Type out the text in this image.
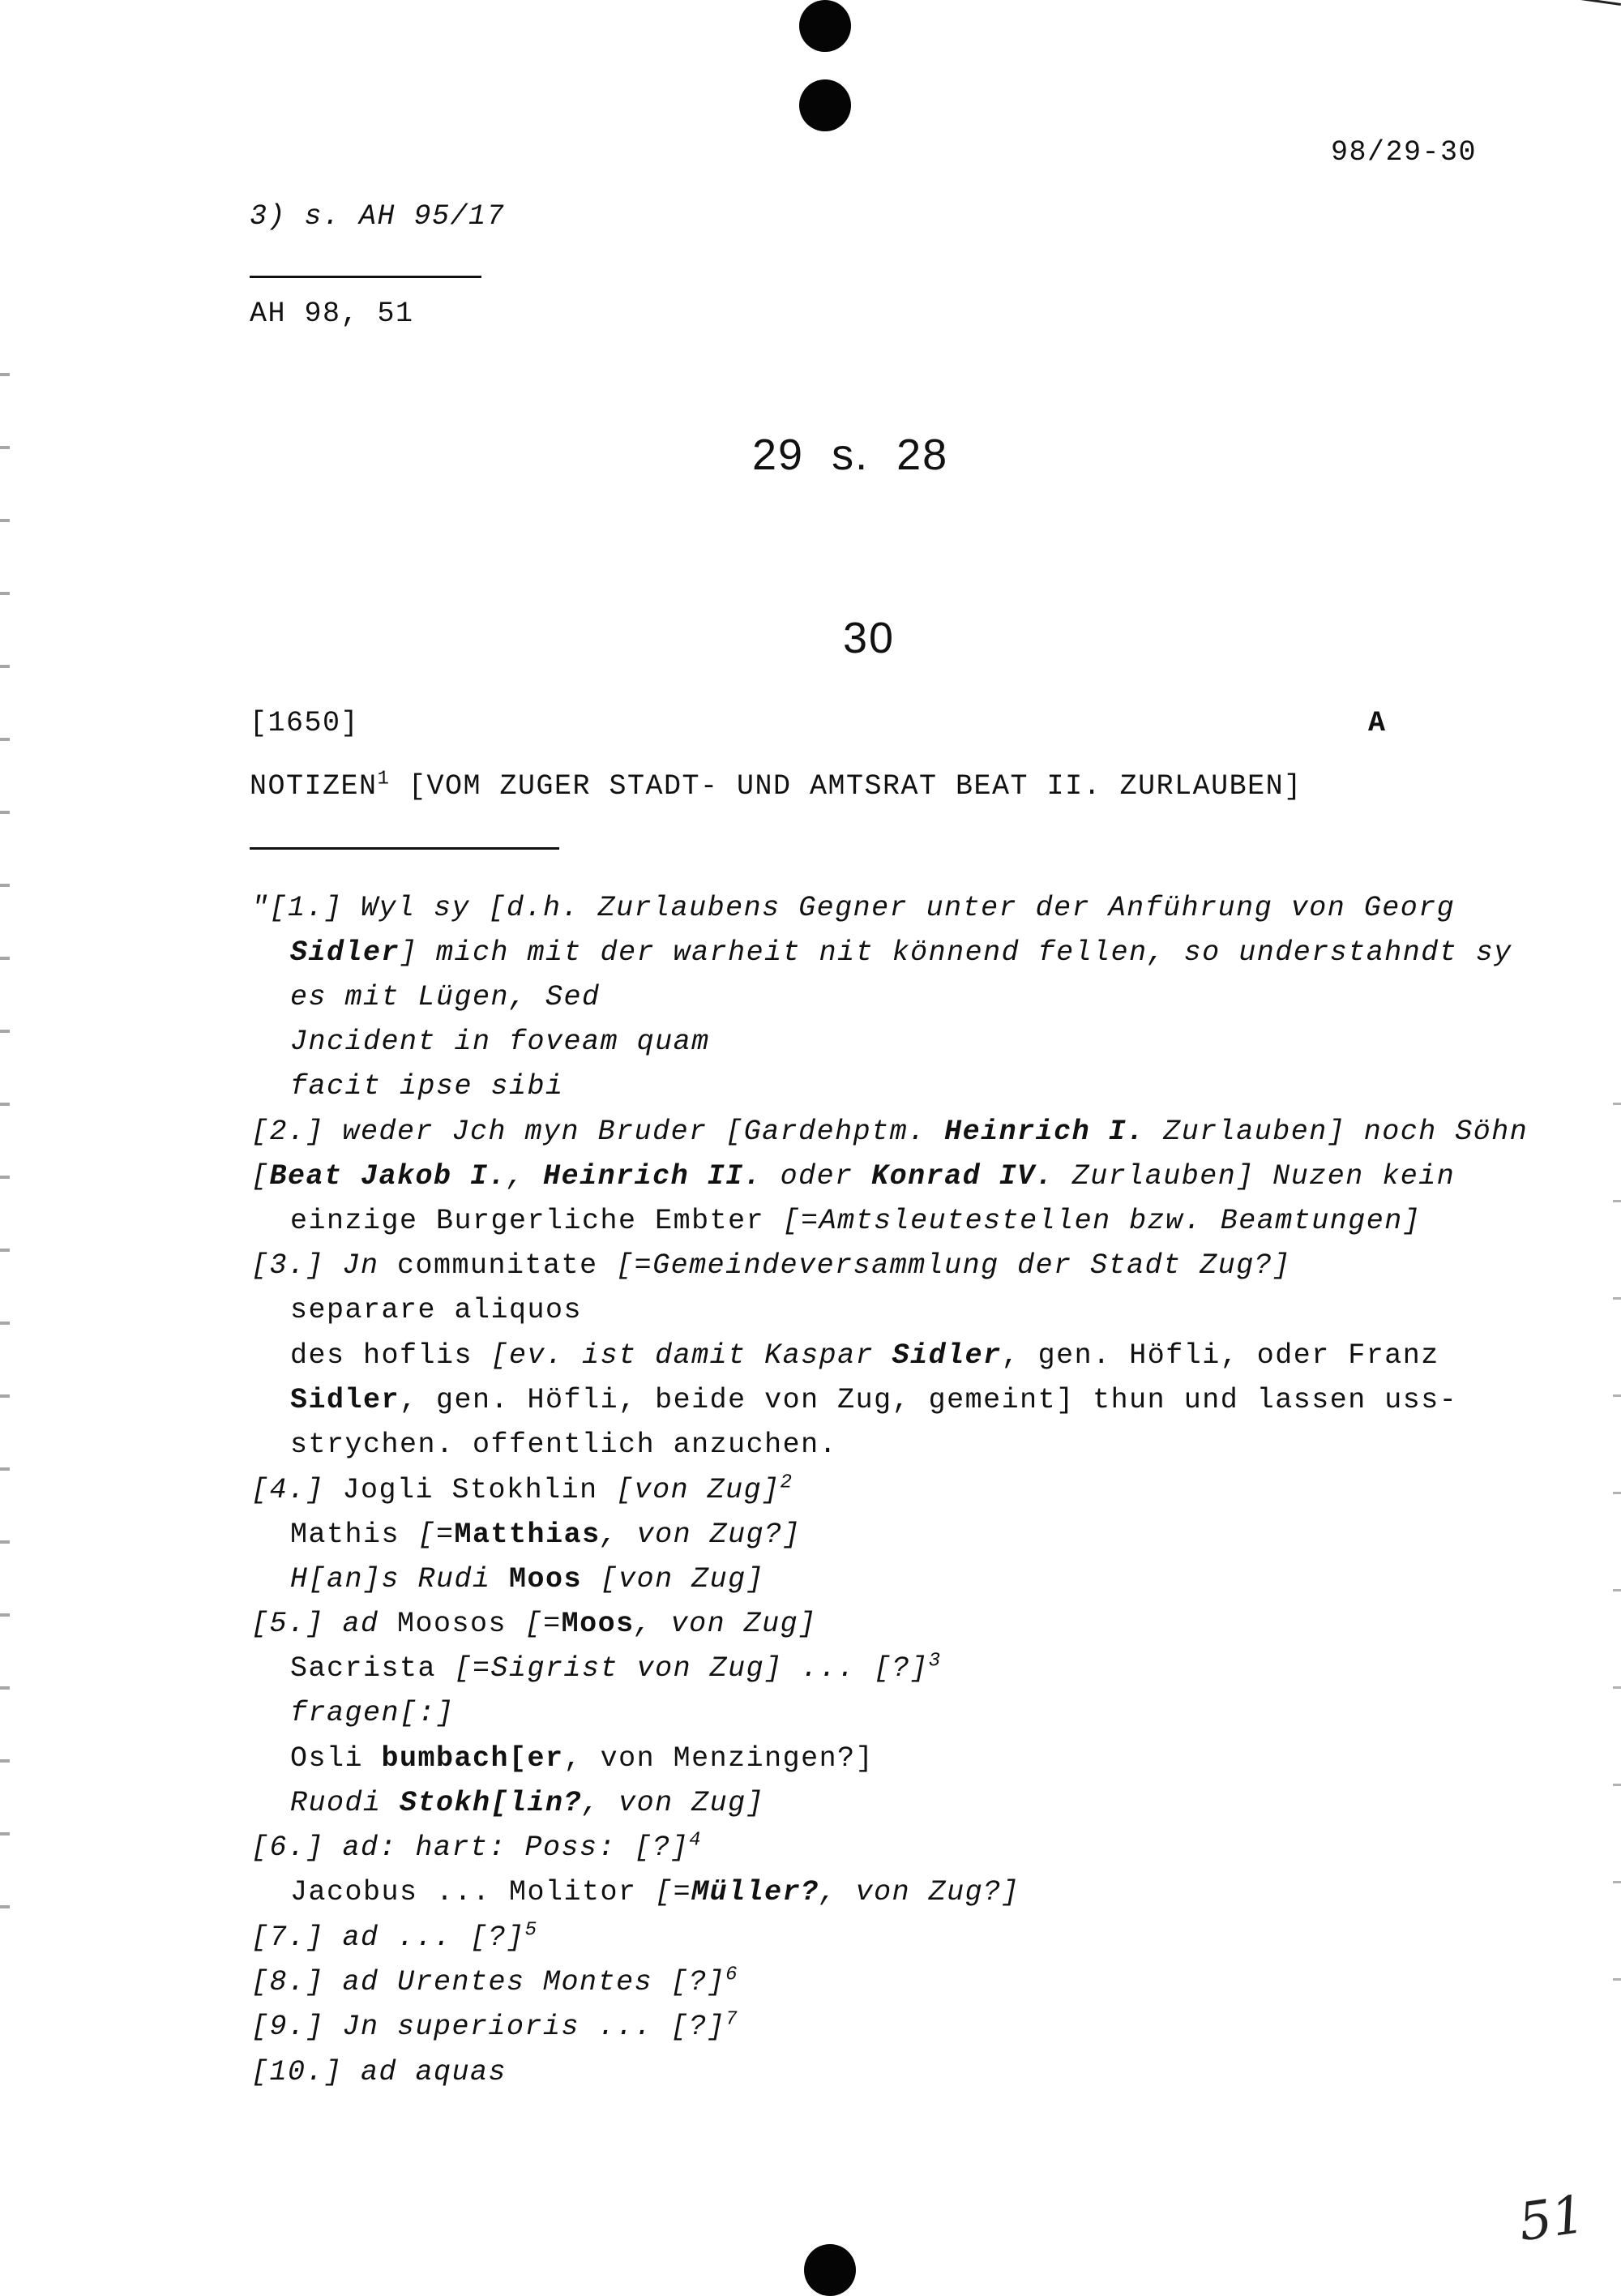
98/29-30
3) s. AH 95/17
AH 98, 51
29  s.  28
30
[1650]	A
NOTIZEN$^1$ [VOM ZUGER STADT- UND AMTSRAT BEAT II. ZURLAUBEN]
"[1.] Wyl sy [d.h. Zurlaubens Gegner unter der Anführung von Georg
Sidler] mich mit der warheit nit könnend fellen, so understahndt sy
es mit Lügen, Sed
Jncident in foveam quam
facit ipse sibi
[2.] weder Jch myn Bruder [Gardehptm. Heinrich I. Zurlauben] noch Söhn
[Beat Jakob I., Heinrich II. oder Konrad IV. Zurlauben] Nuzen kein
einzige Burgerliche Embter [=Amtsleutestellen bzw. Beamtungen]
[3.] Jn communitate [=Gemeindeversammlung der Stadt Zug?]
separare aliquos
des hoflis [ev. ist damit Kaspar Sidler, gen. Höfli, oder Franz
Sidler, gen. Höfli, beide von Zug, gemeint] thun und lassen uss-
strychen. offentlich anzuchen.
[4.] Jogli Stokhlin [von Zug]$^2$
Mathis [=Matthias, von Zug?]
H[an]s Rudi Moos [von Zug]
[5.] ad Moosos [=Moos, von Zug]
Sacrista [=Sigrist von Zug] ... [?]$^3$
fragen[:]
Osli bumbach[er, von Menzingen?]
Ruodi Stokh[lin?, von Zug]
[6.] ad: hart: Poss: [?]$^4$
Jacobus ... Molitor [=Müller?, von Zug?]
[7.] ad ... [?]$^5$
[8.] ad Urentes Montes [?]$^6$
[9.] Jn superioris ... [?]$^7$
[10.] ad aquas
51
